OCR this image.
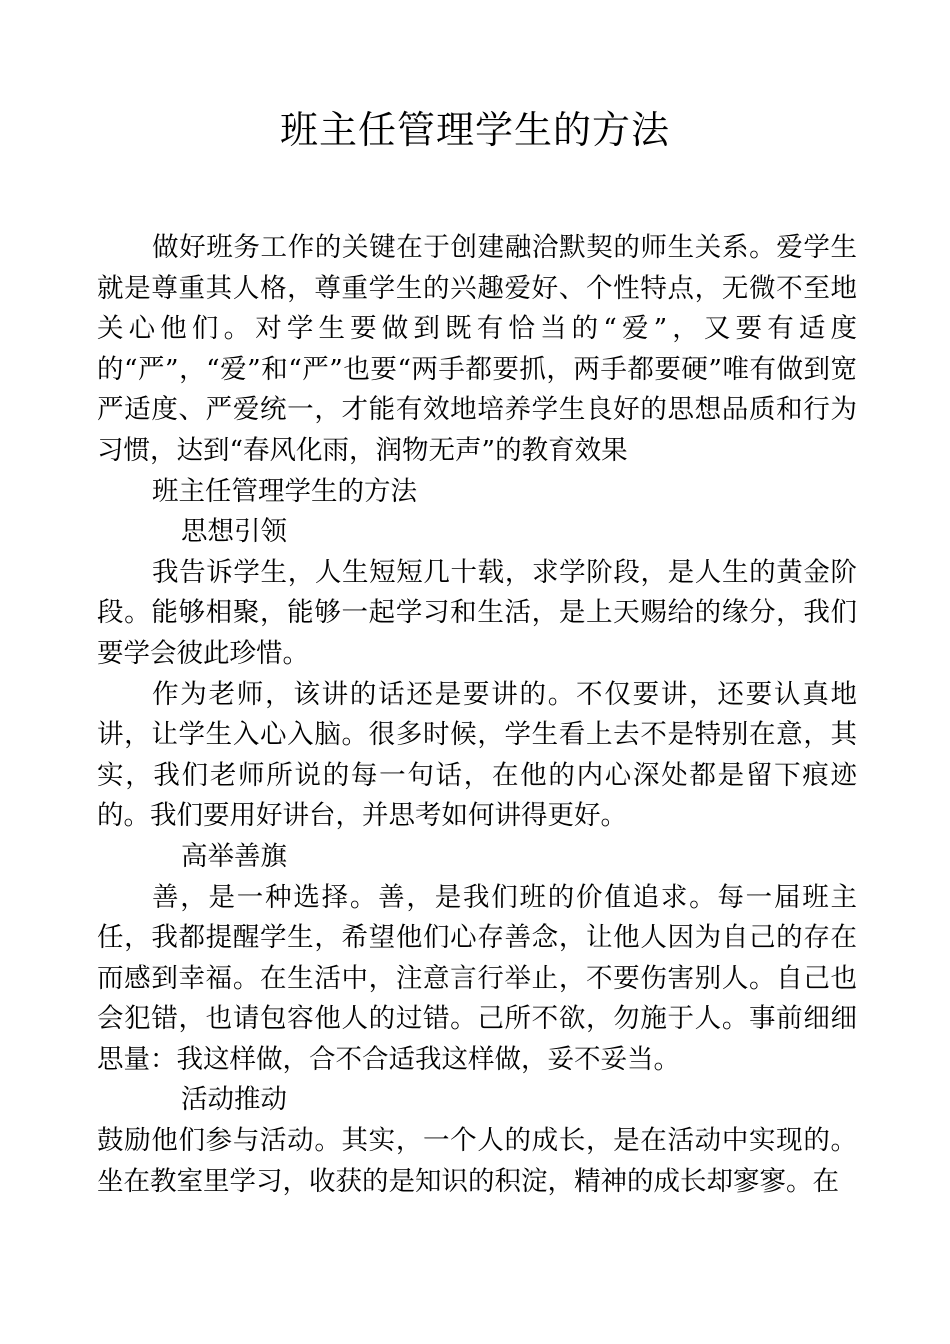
班主任管理学生的方法

做好班务工作的关键在于创建融洽默契的师生关系。爱学生就是尊重其人格，尊重学生的兴趣爱好、个性特点，无微不至地关心他们。对学生要做到既有恰当的“爱”，又要有适度的“严”，“爱”和“严”也要“两手都要抓，两手都要硬”唯有做到宽严适度、严爱统一，才能有效地培养学生良好的思想品质和行为习惯，达到“春风化雨，润物无声”的教育效果

班主任管理学生的方法

思想引领

我告诉学生，人生短短几十载，求学阶段，是人生的黄金阶段。能够相聚，能够一起学习和生活，是上天赐给的缘分，我们要学会彼此珍惜。

作为老师，该讲的话还是要讲的。不仅要讲，还要认真地讲，让学生入心入脑。很多时候，学生看上去不是特别在意，其实，我们老师所说的每一句话，在他的内心深处都是留下痕迹的。我们要用好讲台，并思考如何讲得更好。

高举善旗

善，是一种选择。善，是我们班的价值追求。每一届班主任，我都提醒学生，希望他们心存善念，让他人因为自己的存在而感到幸福。在生活中，注意言行举止，不要伤害别人。自己也会犯错，也请包容他人的过错。己所不欲，勿施于人。事前细细思量：我这样做，合不合适我这样做，妥不妥当。

活动推动

鼓励他们参与活动。其实，一个人的成长，是在活动中实现的。坐在教室里学习，收获的是知识的积淀，精神的成长却寥寥。在
